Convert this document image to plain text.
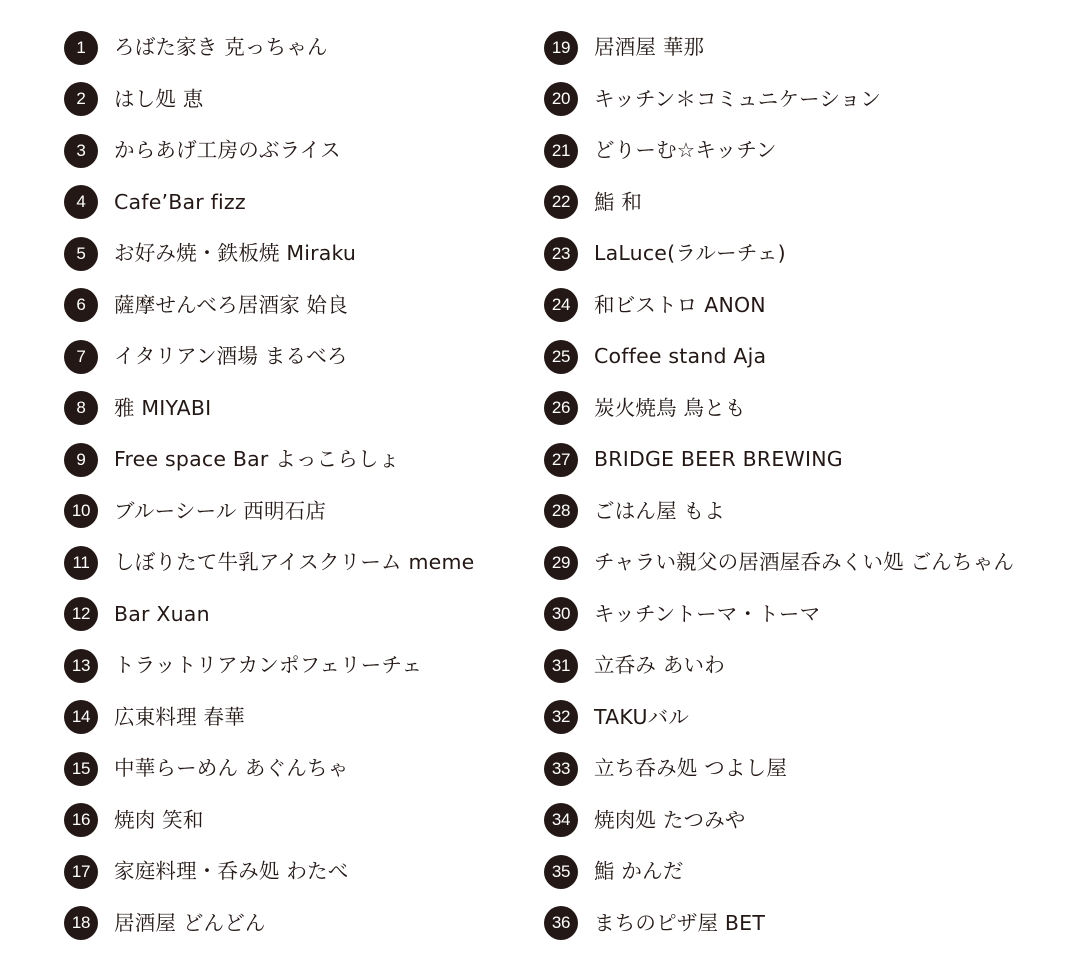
1	ろばた家き 克っちゃん
2	はし処 恵
3	からあげ工房のぶライス
4	Cafe’Bar fizz
5	お好み焼・鉄板焼 Miraku
6	薩摩せんべろ居酒家 姶良
7	イタリアン酒場 まるべろ
8	雅 MIYABI
9	Free space Bar よっこらしょ
10	ブルーシール 西明石店
11	しぼりたて牛乳アイスクリーム meme
12	Bar Xuan
13	トラットリアカンポフェリーチェ
14	広東料理 春華
15	中華らーめん あぐんちゃ
16	焼肉 笑和
17	家庭料理・呑み処 わたべ
18	居酒屋 どんどん
19	居酒屋 華那
20	キッチン＊コミュニケーション
21	どりーむ☆キッチン
22	鮨 和
23	LaLuce(ラルーチェ)
24	和ビストロ ANON
25	Coffee stand Aja
26	炭火焼鳥 鳥とも
27	BRIDGE BEER BREWING
28	ごはん屋 もよ
29	チャラい親父の居酒屋呑みくい処 ごんちゃん
30	キッチントーマ・トーマ
31	立呑み あいわ
32	TAKUバル
33	立ち呑み処 つよし屋
34	焼肉処 たつみや
35	鮨 かんだ
36	まちのピザ屋 BET
